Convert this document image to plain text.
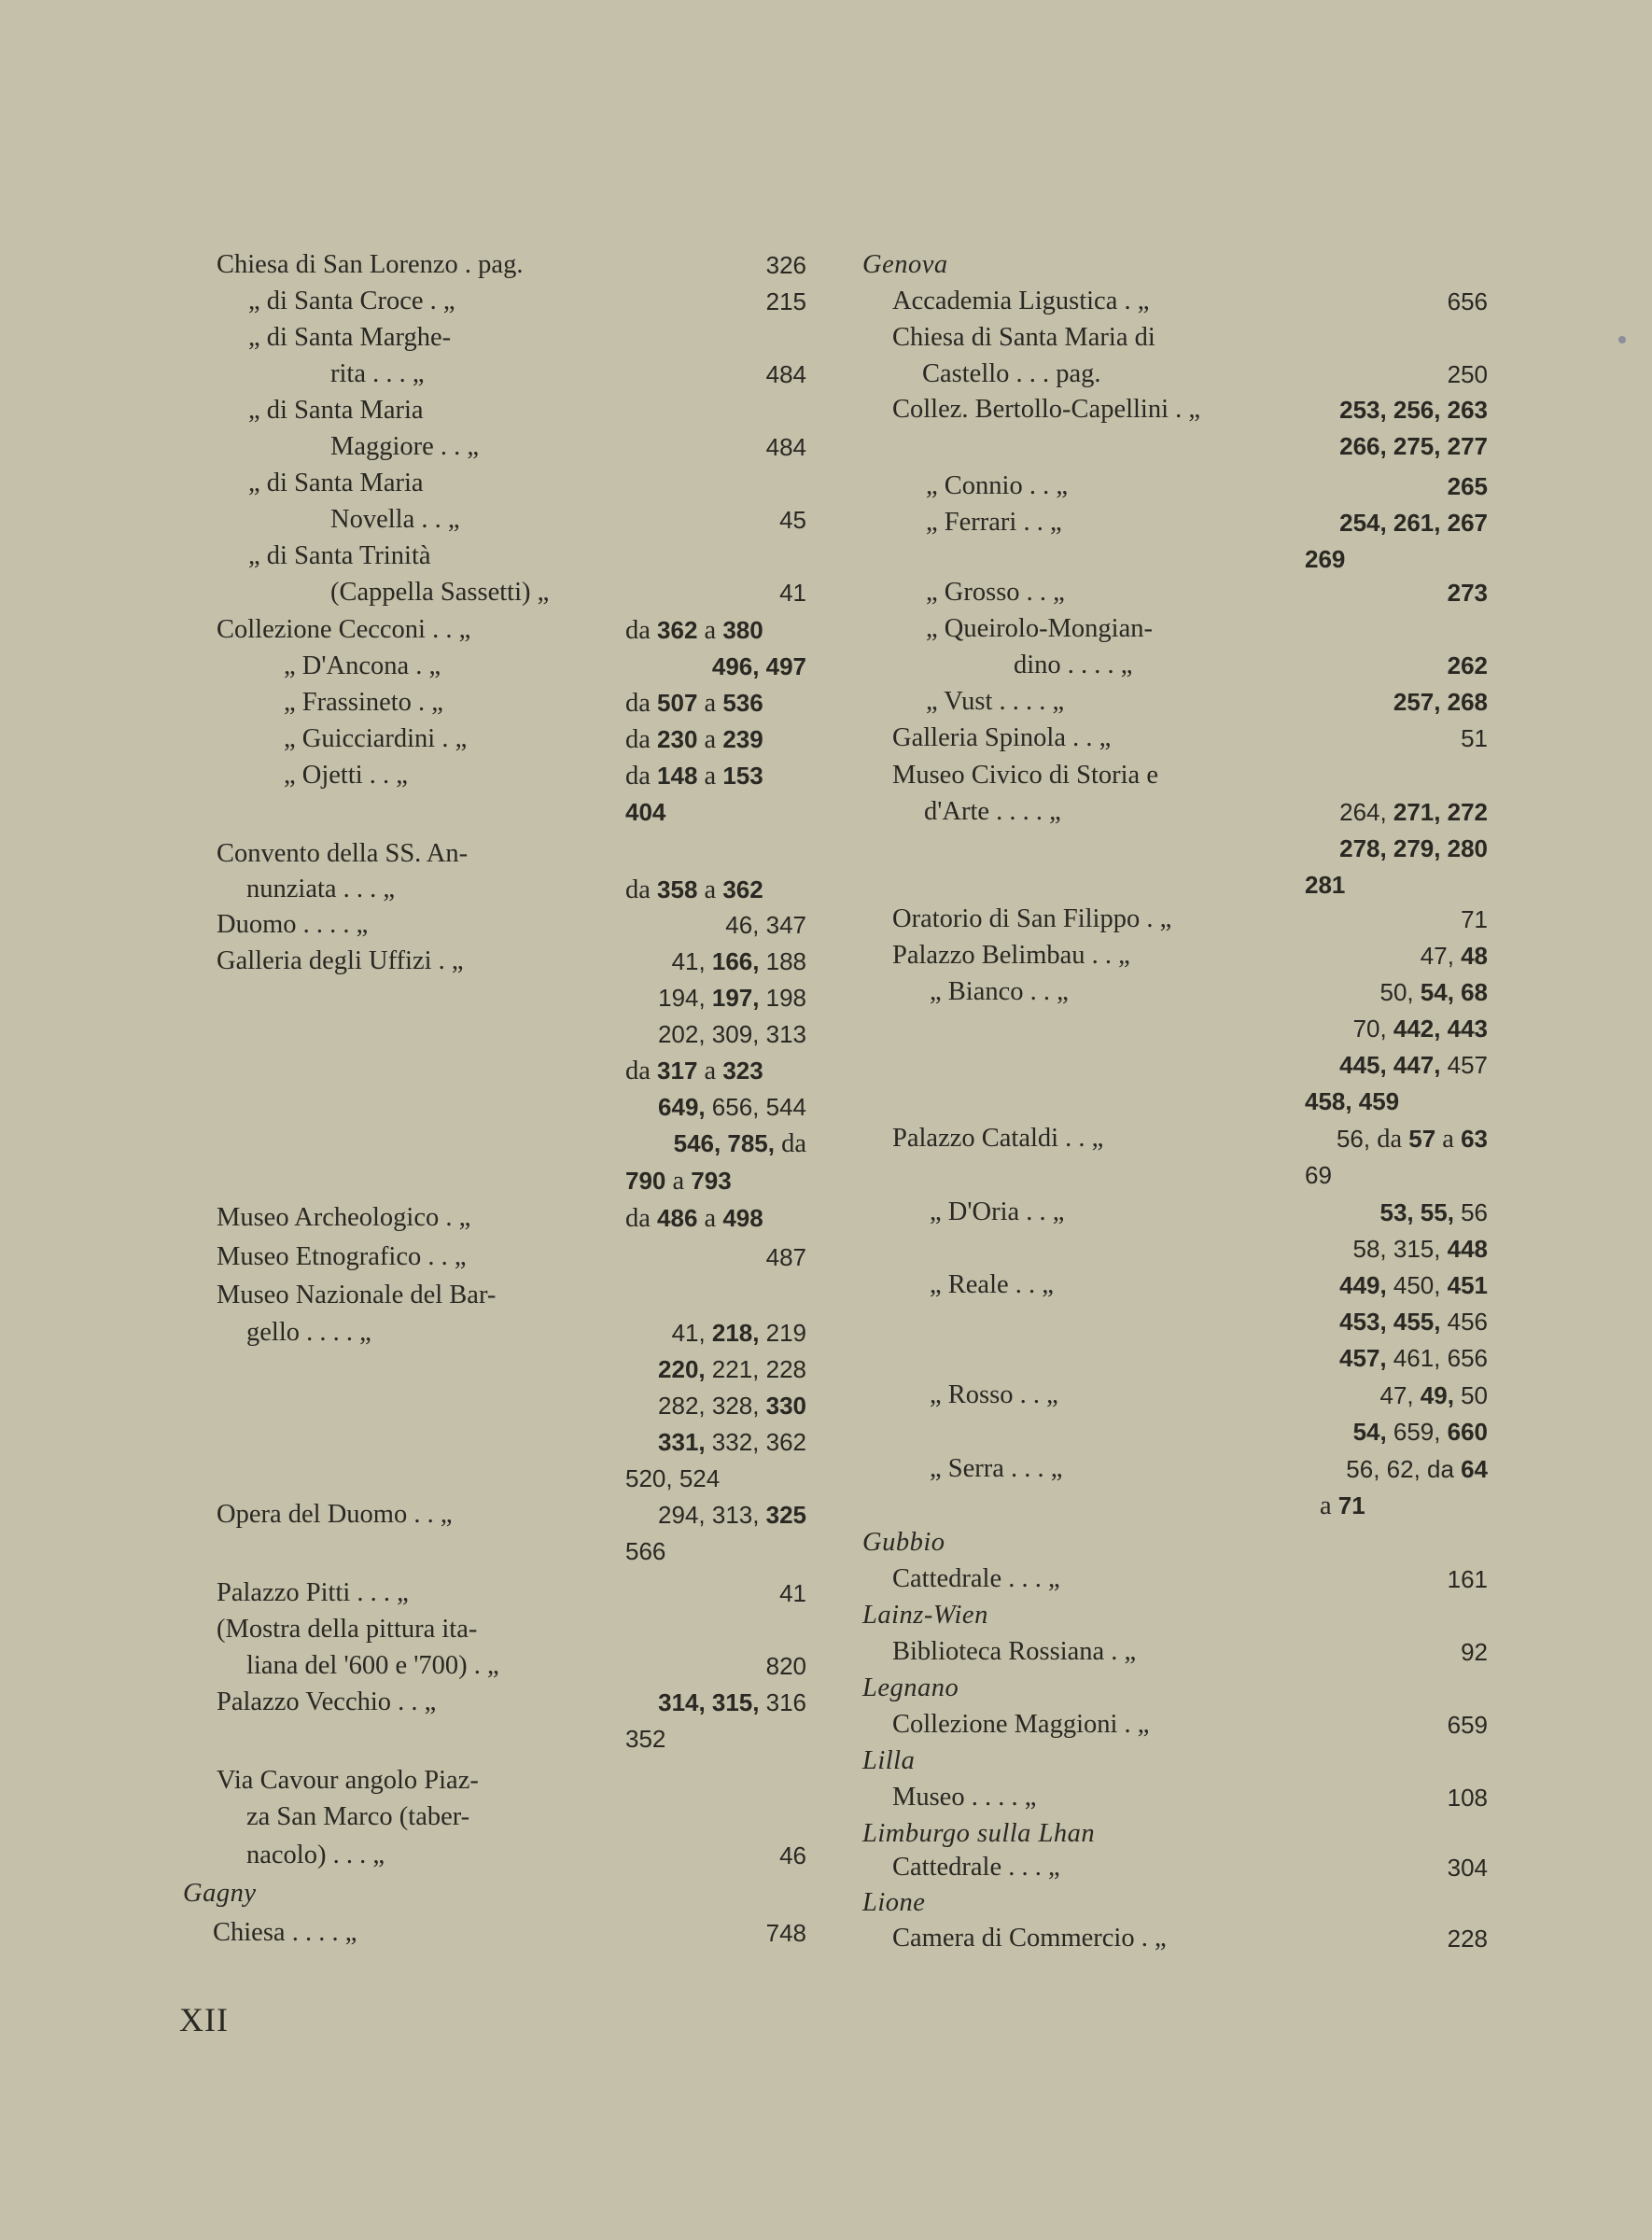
Chiesa di San Lorenzo . pag.
„ di Santa Croce . „
„ di Santa Marghe-
rita . . . „
„ di Santa Maria
Maggiore . . „
„ di Santa Maria
Novella . . „
„ di Santa Trinità
(Cappella Sassetti) „
Collezione Cecconi . . „
„ D'Ancona . „
„ Frassineto . „
„ Guicciardini . „
„ Ojetti . . „
Convento della SS. An-
nunziata . . . „
Duomo . . . . „
Galleria degli Uffizi . „
Museo Archeologico . „
Museo Etnografico . . „
Museo Nazionale del Bar-
gello . . . . „
Opera del Duomo . . „
Palazzo Pitti . . . „
(Mostra della pittura ita-
liana del '600 e '700) . „
Palazzo Vecchio . . „
Via Cavour angolo Piaz-
za San Marco (taber-
nacolo) . . . „
Gagny
Chiesa . . . . „
326
215
484
484
45
41
da 362 a 380
496, 497
da 507 a 536
da 230 a 239
da 148 a 153
404
da 358 a 362
46, 347
41, 166, 188
194, 197, 198
202, 309, 313
da 317 a 323
649, 656, 544
546, 785, da
790 a 793
da 486 a 498
487
41, 218, 219
220, 221, 228
282, 328, 330
331, 332, 362
520, 524
294, 313, 325
566
41
820
314, 315, 316
352
46
748
Genova
Accademia Ligustica . „
Chiesa di Santa Maria di
Castello . . . pag.
Collez. Bertollo-Capellini . „
„ Connio . . „
„ Ferrari . . „
„ Grosso . . „
„ Queirolo-Mongian-
dino . . . . „
„ Vust . . . . „
Galleria Spinola . . „
Museo Civico di Storia e
d'Arte . . . . „
Oratorio di San Filippo . „
Palazzo Belimbau . . „
„ Bianco . . „
Palazzo Cataldi . . „
„ D'Oria . . „
„ Reale . . „
„ Rosso . . „
„ Serra . . . „
Gubbio
Cattedrale . . . „
Lainz-Wien
Biblioteca Rossiana . „
Legnano
Collezione Maggioni . „
Lilla
Museo . . . . „
Limburgo sulla Lhan
Cattedrale . . . „
Lione
Camera di Commercio . „
656
250
253, 256, 263
266, 275, 277
265
254, 261, 267
269
273
262
257, 268
51
264, 271, 272
278, 279, 280
281
71
47, 48
50, 54, 68
70, 442, 443
445, 447, 457
458, 459
56, da 57 a 63
69
53, 55, 56
58, 315, 448
449, 450, 451
453, 455, 456
457, 461, 656
47, 49, 50
54, 659, 660
56, 62, da 64
a 71
161
92
659
108
304
228
XII
